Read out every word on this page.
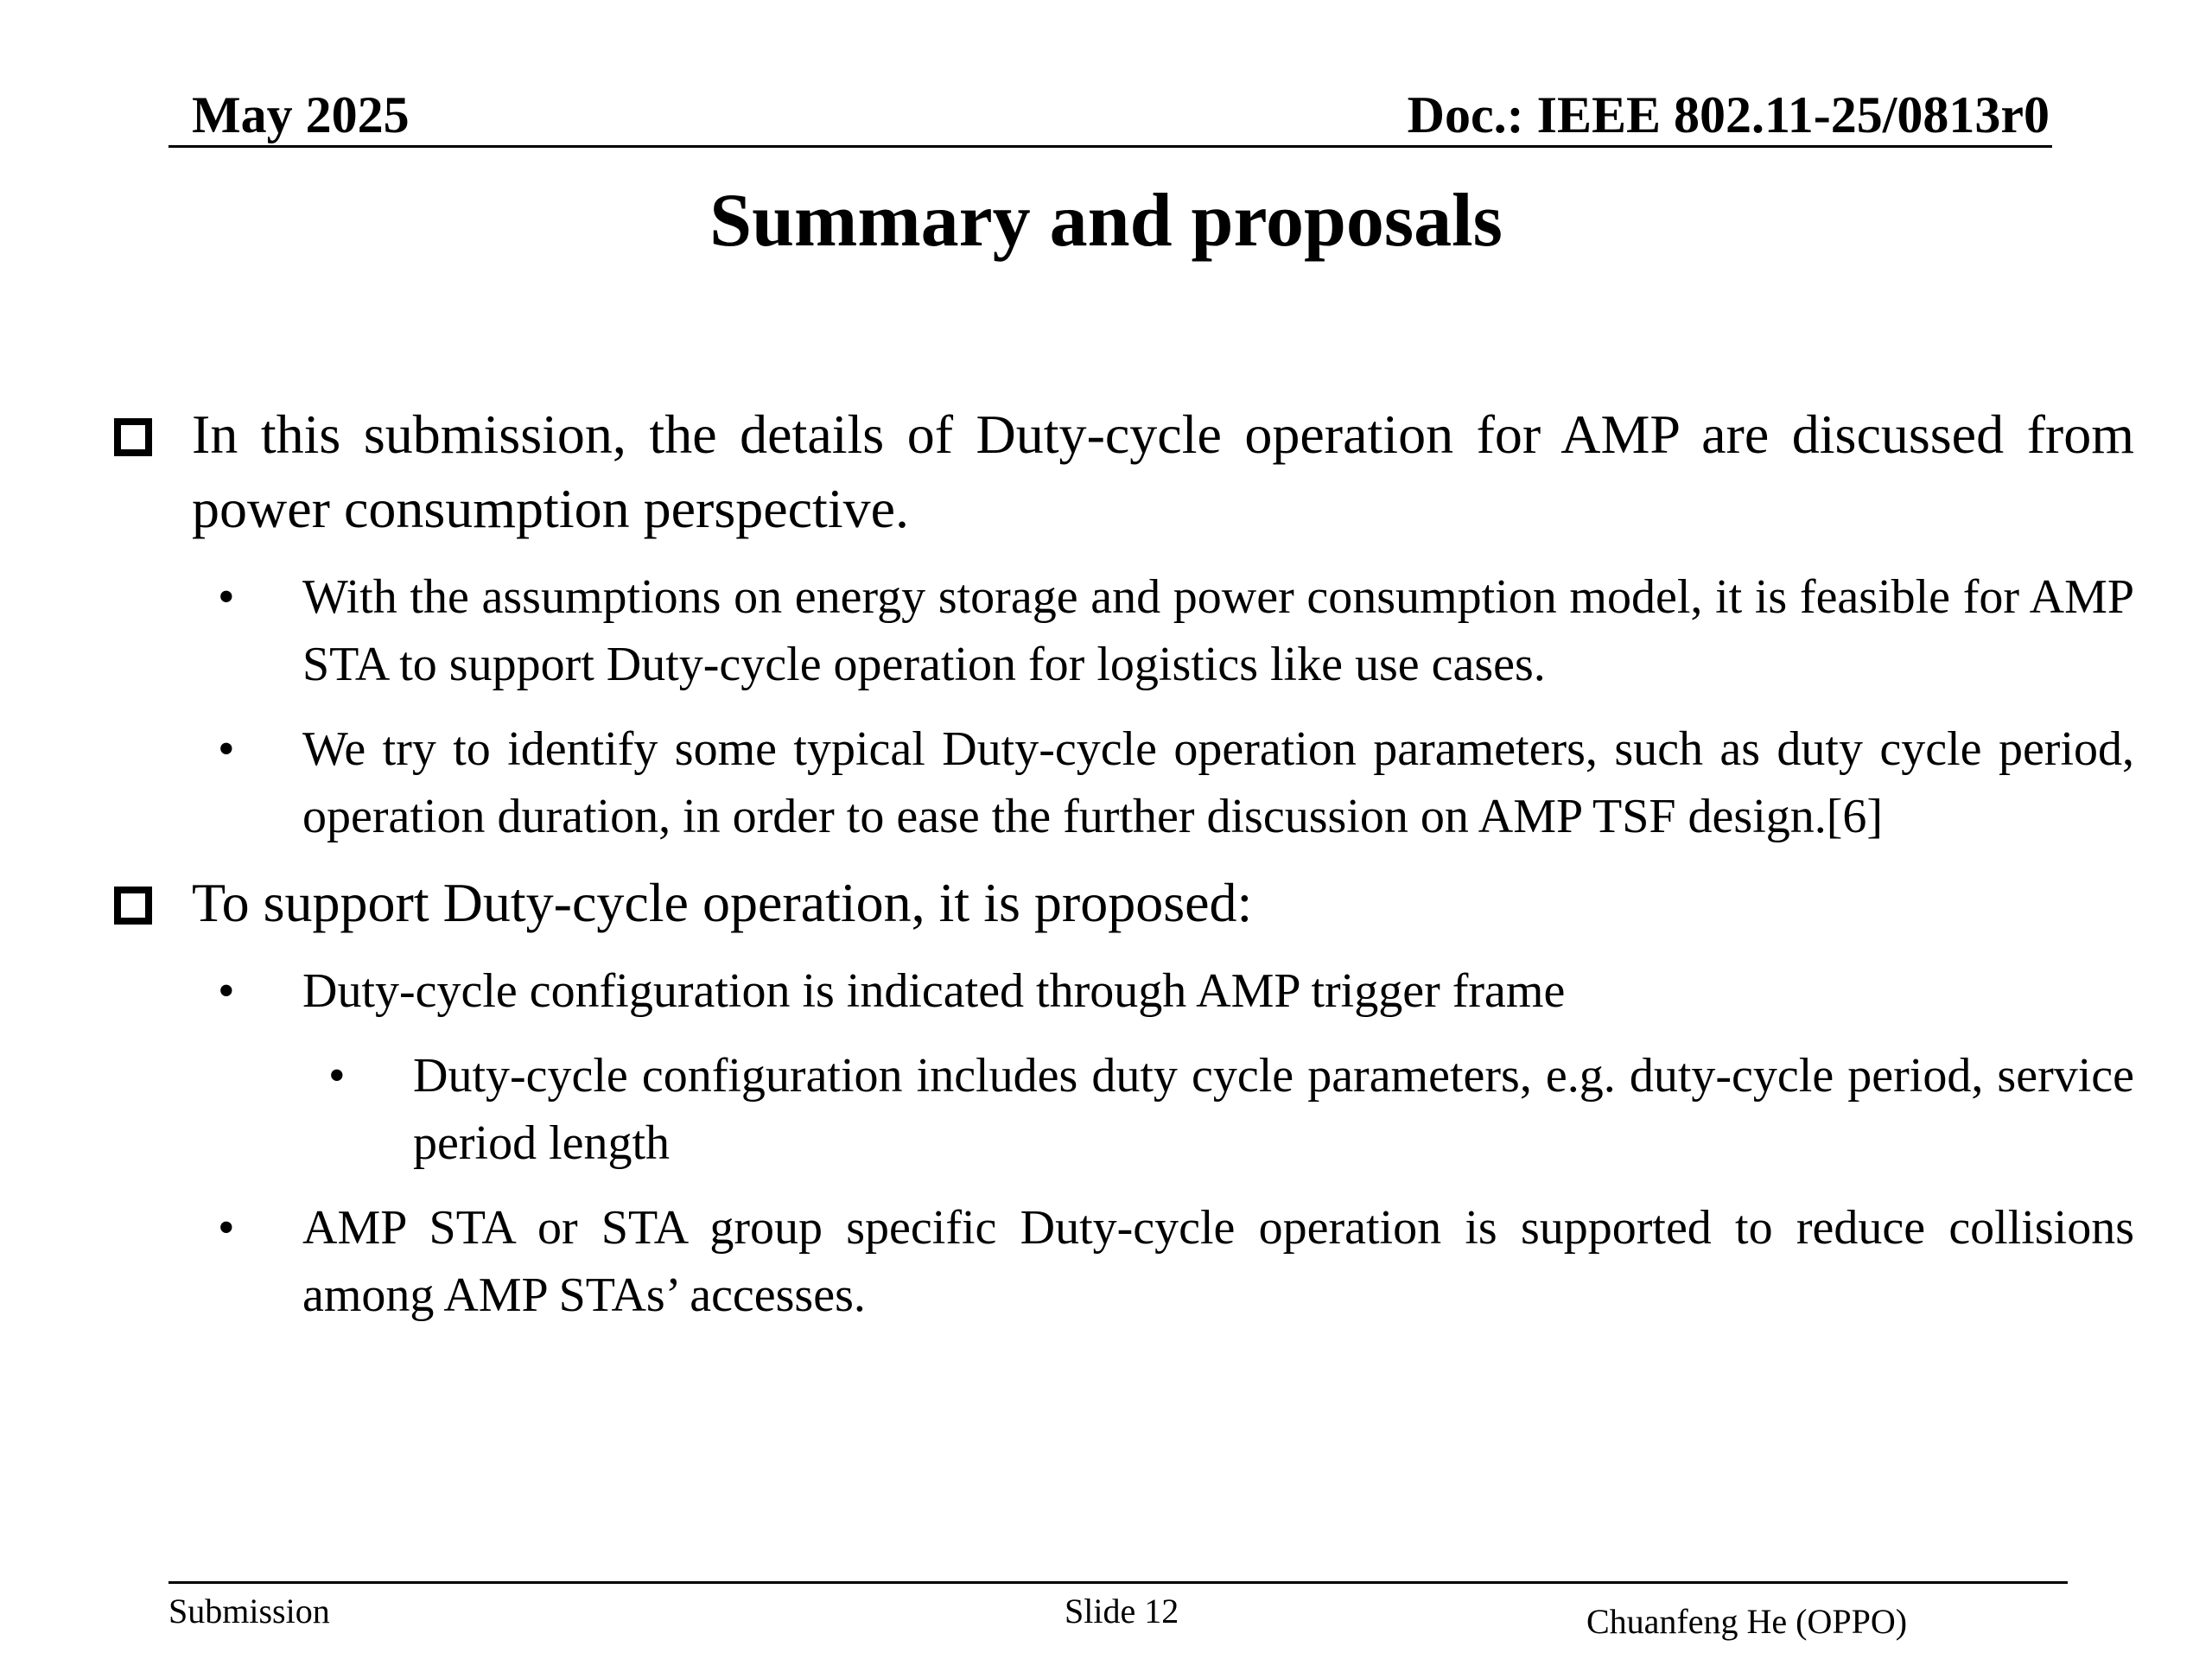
May 2025	Doc.: IEEE 802.11-25/0813r0
Summary and proposals
In this submission, the details of Duty-cycle operation for AMP are discussed from power consumption perspective.
• With the assumptions on energy storage and power consumption model, it is feasible for AMP STA to support Duty-cycle operation for logistics like use cases.
• We try to identify some typical Duty-cycle operation parameters, such as duty cycle period, operation duration, in order to ease the further discussion on AMP TSF design.[6]
To support Duty-cycle operation, it is proposed:
• Duty-cycle configuration is indicated through AMP trigger frame
• Duty-cycle configuration includes duty cycle parameters, e.g. duty-cycle period, service period length
• AMP STA or STA group specific Duty-cycle operation is supported to reduce collisions among AMP STAs’ accesses.
Submission	Slide 12	Chuanfeng He (OPPO)
